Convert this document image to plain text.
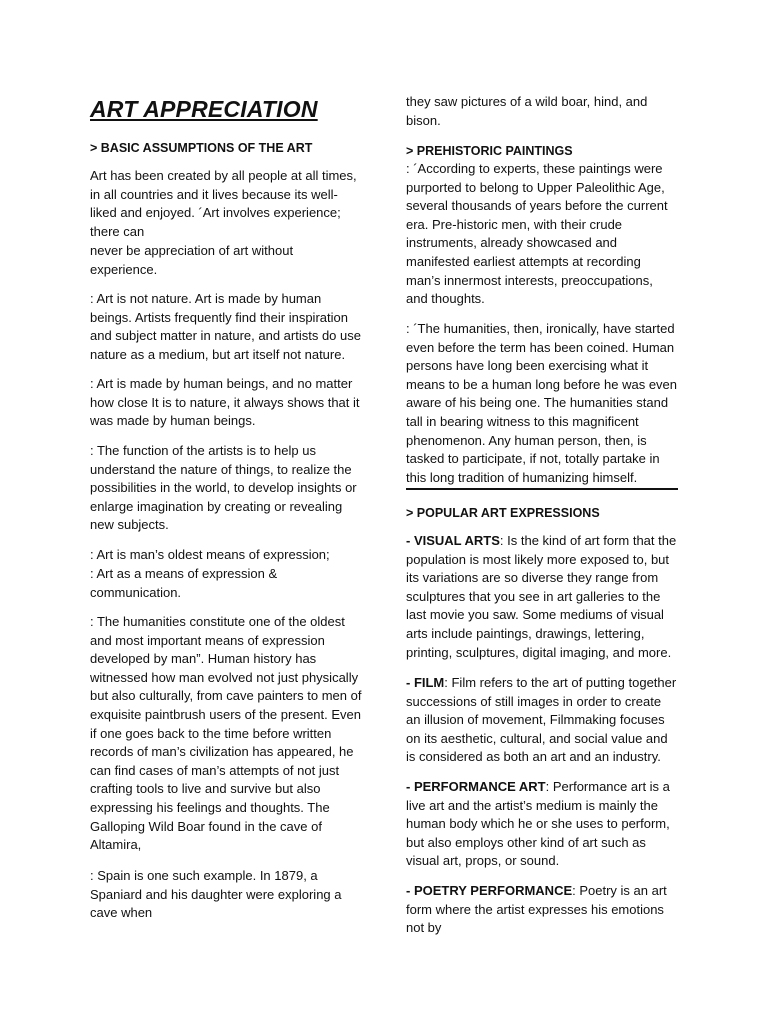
ART APPRECIATION

> BASIC ASSUMPTIONS OF THE ART

Art has been created by all people at all times, in all countries and it lives because its well-liked and enjoyed. ´Art involves experience; there can

never be appreciation of art without experience.

: Art is not nature. Art is made by human beings. Artists frequently find their inspiration and subject matter in nature, and artists do use nature as a medium, but art itself not nature.

: Art is made by human beings, and no matter how close It is to nature, it always shows that it was made by human beings.

: The function of the artists is to help us understand the nature of things, to realize the possibilities in the world, to develop insights or enlarge imagination by creating or revealing new subjects.

: Art is man’s oldest means of expression;

: Art as a means of expression & communication.

: The humanities constitute one of the oldest and most important means of expression developed by man”. Human history has witnessed how man evolved not just physically but also culturally, from cave painters to men of exquisite paintbrush users of the present. Even if one goes back to the time before written records of man’s civilization has appeared, he can find cases of man’s attempts of not just crafting tools to live and survive but also expressing his feelings and thoughts. The Galloping Wild Boar found in the cave of Altamira,

: Spain is one such example. In 1879, a Spaniard and his daughter were exploring a cave when

they saw pictures of a wild boar, hind, and bison.

> PREHISTORIC PAINTINGS

: ´According to experts, these paintings were purported to belong to Upper Paleolithic Age, several thousands of years before the current era. Pre-historic men, with their crude instruments, already showcased and manifested earliest attempts at recording man’s innermost interests, preoccupations, and thoughts.

: ´The humanities, then, ironically, have started even before the term has been coined. Human persons have long been exercising what it means to be a human long before he was even aware of his being one. The humanities stand tall in bearing witness to this magnificent phenomenon. Any human person, then, is tasked to participate, if not, totally partake in this long tradition of humanizing himself.

> POPULAR ART EXPRESSIONS

- VISUAL ARTS: Is the kind of art form that the population is most likely more exposed to, but its variations are so diverse they range from sculptures that you see in art galleries to the last movie you saw. Some mediums of visual arts include paintings, drawings, lettering, printing, sculptures, digital imaging, and more.

- FILM: Film refers to the art of putting together successions of still images in order to create an illusion of movement, Filmmaking focuses on its aesthetic, cultural, and social value and is considered as both an art and an industry.

- PERFORMANCE ART: Performance art is a live art and the artist’s medium is mainly the human body which he or she uses to perform, but also employs other kind of art such as visual art, props, or sound.

- POETRY PERFORMANCE: Poetry is an art form where the artist expresses his emotions not by
